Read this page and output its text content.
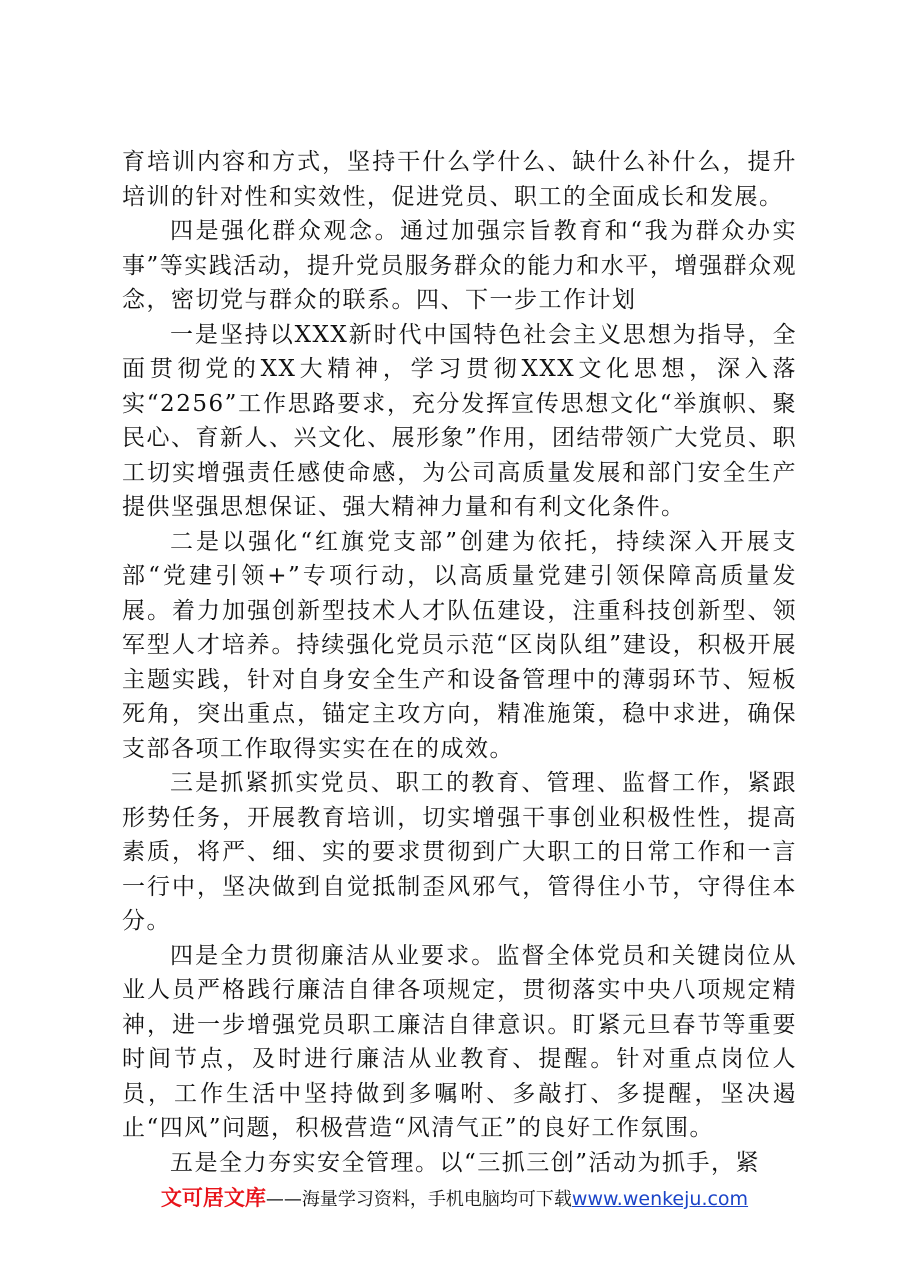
育培训内容和方式，坚持干什么学什么、缺什么补什么，提升培训的针对性和实效性，促进党员、职工的全面成长和发展。

四是强化群众观念。通过加强宗旨教育和“我为群众办实事”等实践活动，提升党员服务群众的能力和水平，增强群众观念，密切党与群众的联系。四、下一步工作计划

一是坚持以XXX新时代中国特色社会主义思想为指导，全面贯彻党的XX大精神，学习贯彻XXX文化思想，深入落实“2256”工作思路要求，充分发挥宣传思想文化“举旗帜、聚民心、育新人、兴文化、展形象”作用，团结带领广大党员、职工切实增强责任感使命感，为公司高质量发展和部门安全生产提供坚强思想保证、强大精神力量和有利文化条件。

二是以强化“红旗党支部”创建为依托，持续深入开展支部“党建引领+”专项行动，以高质量党建引领保障高质量发展。着力加强创新型技术人才队伍建设，注重科技创新型、领军型人才培养。持续强化党员示范“区岗队组”建设，积极开展主题实践，针对自身安全生产和设备管理中的薄弱环节、短板死角，突出重点，锚定主攻方向，精准施策，稳中求进，确保支部各项工作取得实实在在的成效。

三是抓紧抓实党员、职工的教育、管理、监督工作，紧跟形势任务，开展教育培训，切实增强干事创业积极性性，提高素质，将严、细、实的要求贯彻到广大职工的日常工作和一言一行中，坚决做到自觉抵制歪风邪气，管得住小节，守得住本分。

四是全力贯彻廉洁从业要求。监督全体党员和关键岗位从业人员严格践行廉洁自律各项规定，贯彻落实中央八项规定精神，进一步增强党员职工廉洁自律意识。盯紧元旦春节等重要时间节点，及时进行廉洁从业教育、提醒。针对重点岗位人员，工作生活中坚持做到多嘱咐、多敲打、多提醒，坚决遏止“四风”问题，积极营造“风清气正”的良好工作氛围。

五是全力夯实安全管理。以“三抓三创”活动为抓手，紧

文可居文库——海量学习资料，手机电脑均可下载www.wenkeju.com
